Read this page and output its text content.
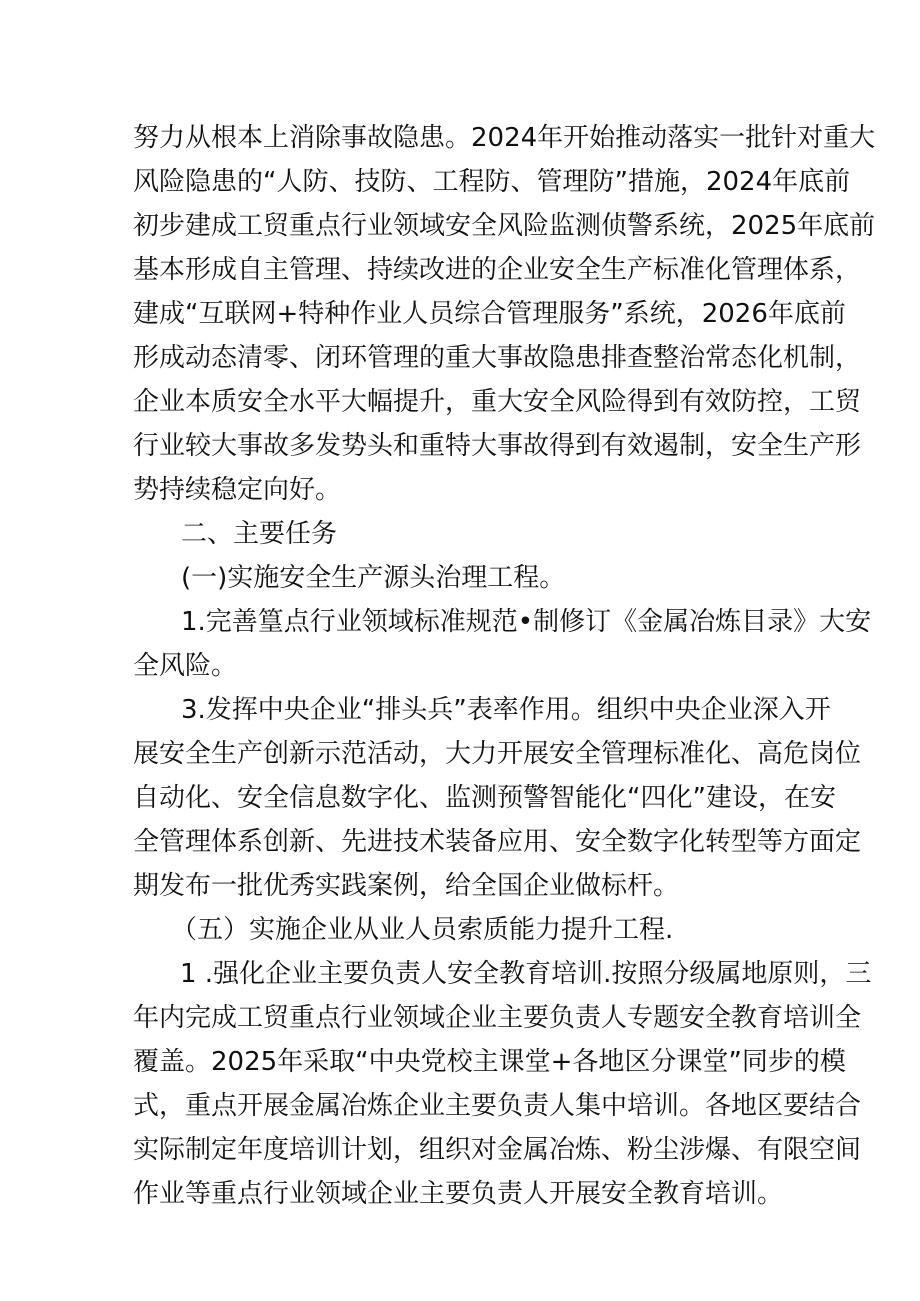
努力从根本上消除事故隐患。2024年开始推动落实一批针对重大
风险隐患的“人防、技防、工程防、管理防”措施，2024年底前
初步建成工贸重点行业领域安全风险监测侦警系统，2025年底前
基本形成自主管理、持续改进的企业安全生产标准化管理体系，
建成“互联网+特种作业人员综合管理服务”系统，2026年底前
形成动态清零、闭环管理的重大事故隐患排查整治常态化机制，
企业本质安全水平大幅提升，重大安全风险得到有效防控，工贸
行业较大事故多发势头和重特大事故得到有效遏制，安全生产形
势持续稳定向好。
二、主要任务
(一)实施安全生产源头治理工程。
1.完善篁点行业领域标准规范•制修订《金属冶炼目录》大安
全风险。
3.发挥中央企业“排头兵”表率作用。组织中央企业深入开
展安全生产创新示范活动，大力开展安全管理标准化、高危岗位
自动化、安全信息数字化、监测预警智能化“四化”建设，在安
全管理体系创新、先进技术装备应用、安全数字化转型等方面定
期发布一批优秀实践案例，给全国企业做标杆。
（五）实施企业从业人员索质能力提升工程.
1 .强化企业主要负责人安全教育培训.按照分级属地原则，三
年内完成工贸重点行业领域企业主要负责人专题安全教育培训全
覆盖。2025年采取“中央党校主课堂+各地区分课堂”同步的模
式，重点开展金属冶炼企业主要负责人集中培训。各地区要结合
实际制定年度培训计划，组织对金属冶炼、粉尘涉爆、有限空间
作业等重点行业领域企业主要负责人开展安全教育培训。
